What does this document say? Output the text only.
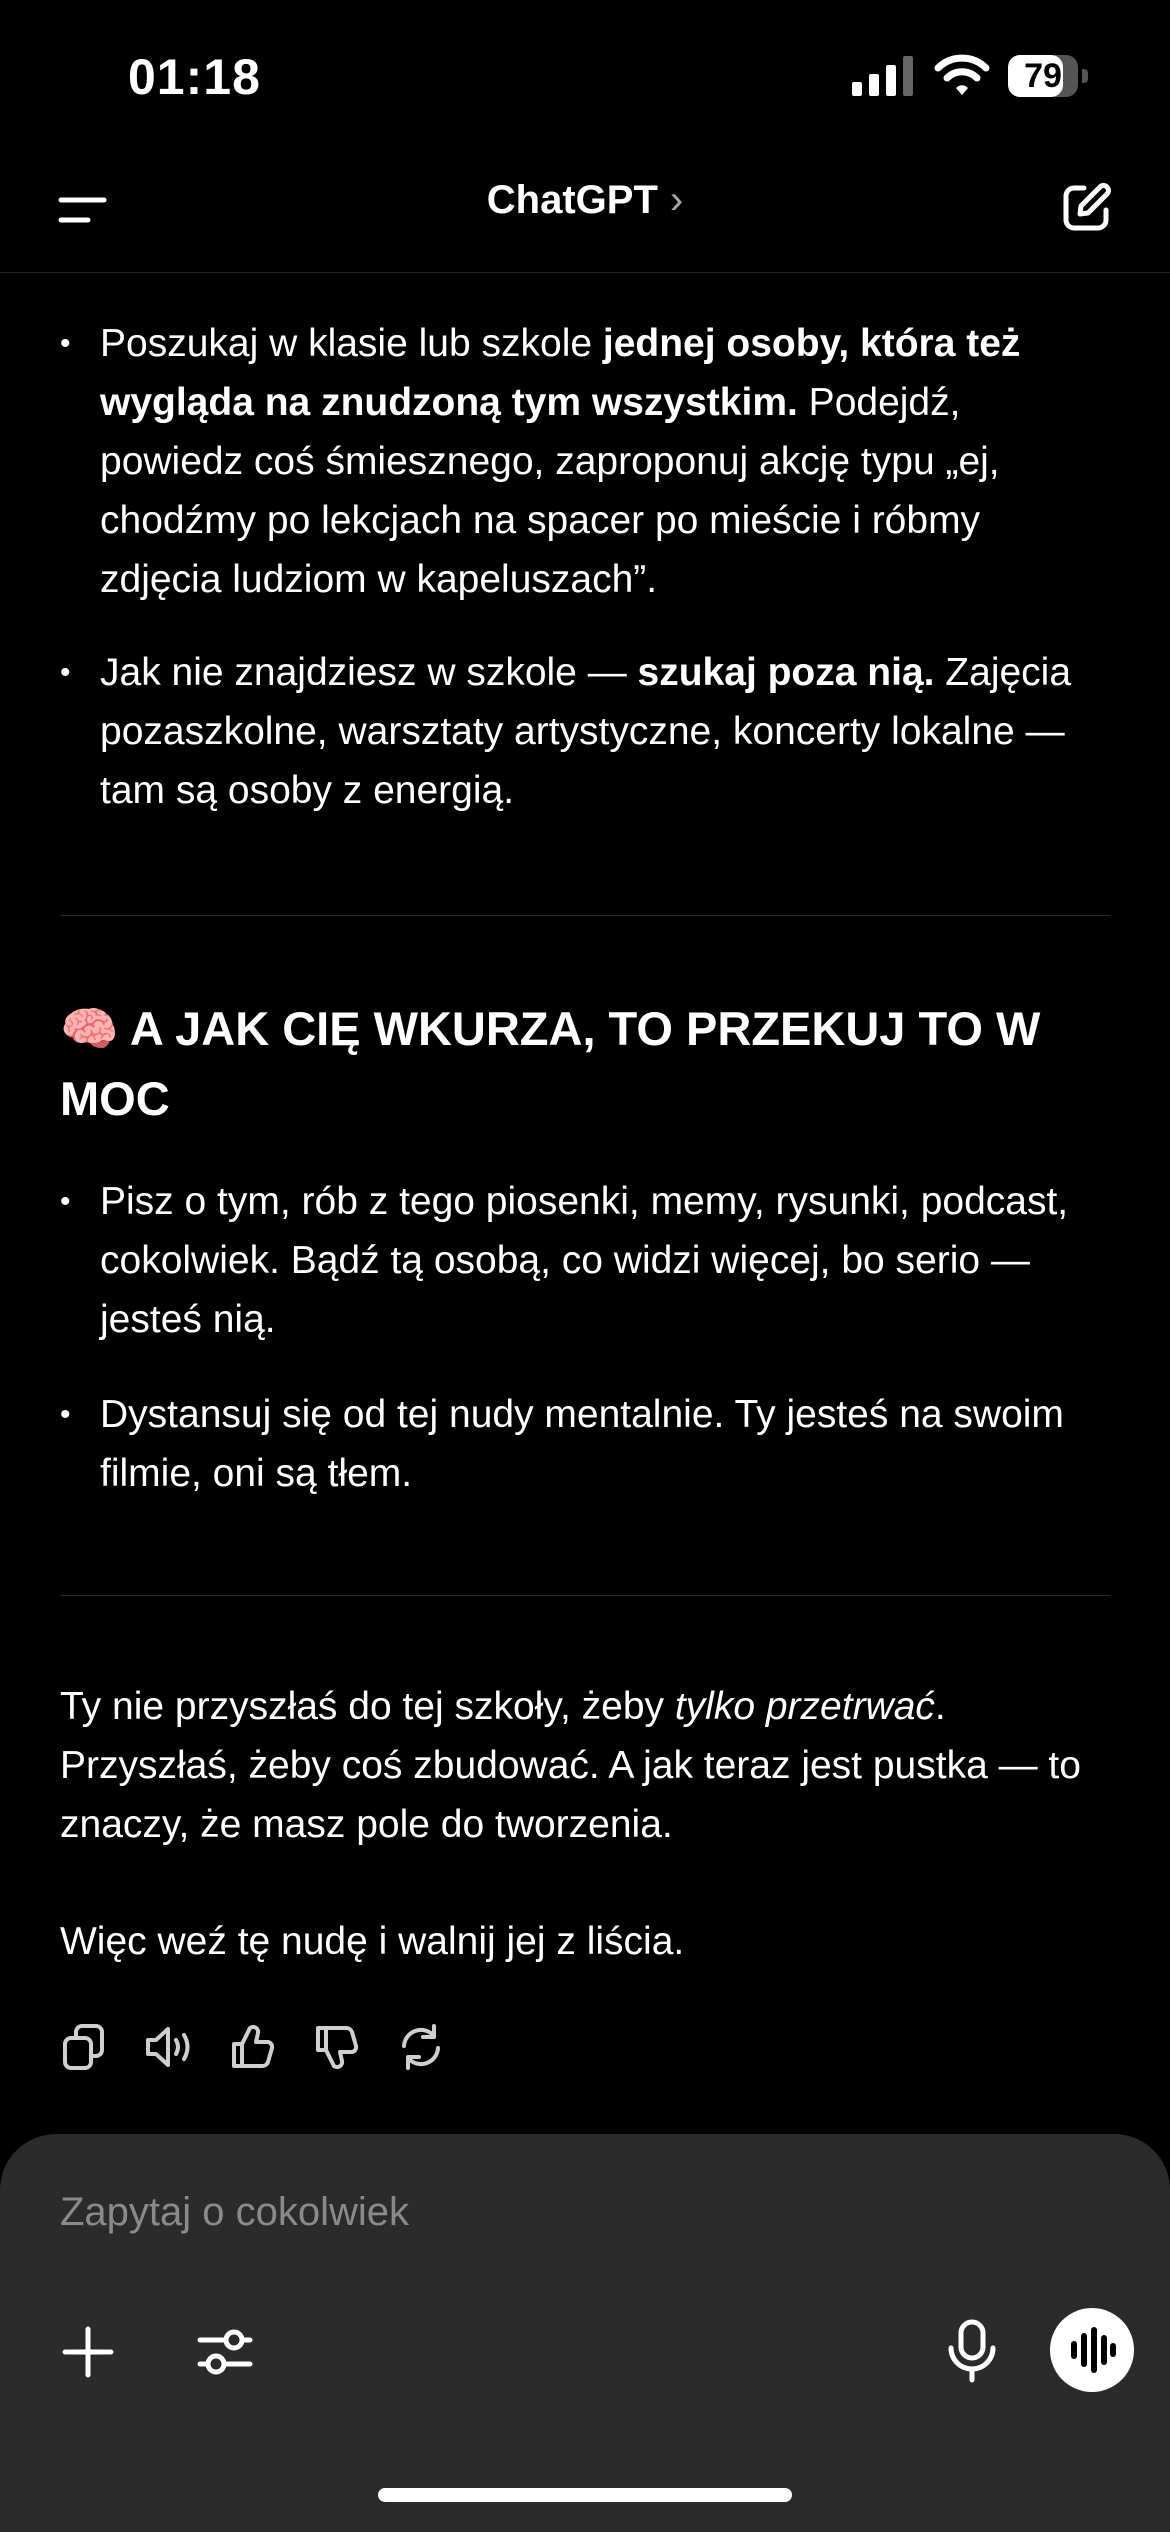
01:18	79
ChatGPT ›
• Poszukaj w klasie lub szkole jednej osoby, która też wygląda na znudzoną tym wszystkim. Podejdź, powiedz coś śmiesznego, zaproponuj akcję typu „ej, chodźmy po lekcjach na spacer po mieście i róbmy zdjęcia ludziom w kapeluszach”.
• Jak nie znajdziesz w szkole — szukaj poza nią. Zajęcia pozaszkolne, warsztaty artystyczne, koncerty lokalne — tam są osoby z energią.
🧠 A JAK CIĘ WKURZA, TO PRZEKUJ TO W MOC
• Pisz o tym, rób z tego piosenki, memy, rysunki, podcast, cokolwiek. Bądź tą osobą, co widzi więcej, bo serio — jesteś nią.
• Dystansuj się od tej nudy mentalnie. Ty jesteś na swoim filmie, oni są tłem.
Ty nie przyszłaś do tej szkoły, żeby tylko przetrwać. Przyszłaś, żeby coś zbudować. A jak teraz jest pustka — to znaczy, że masz pole do tworzenia.
Więc weź tę nudę i walnij jej z liścia.
Zapytaj o cokolwiek
